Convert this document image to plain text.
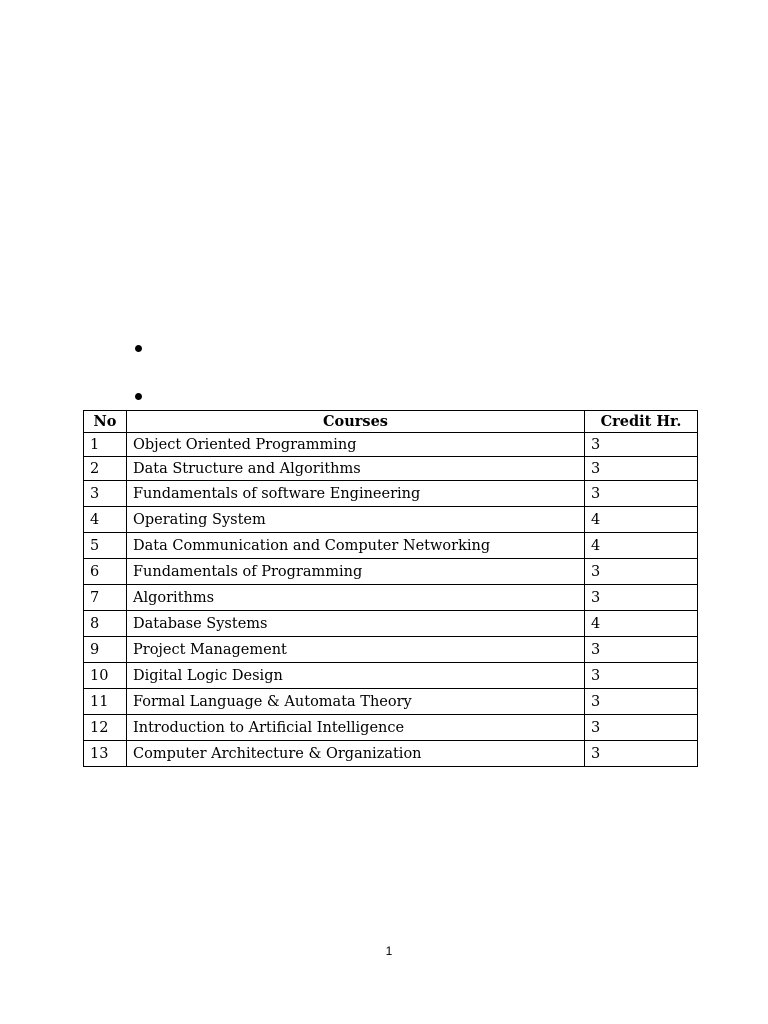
No	Courses	Credit Hr.
1	Object Oriented Programming	3
2	Data Structure and Algorithms	3
3	Fundamentals of software Engineering	3
4	Operating System	4
5	Data Communication and Computer Networking	4
6	Fundamentals of Programming	3
7	Algorithms	3
8	Database Systems	4
9	Project Management	3
10	Digital Logic Design	3
11	Formal Language & Automata Theory	3
12	Introduction to Artificial Intelligence	3
13	Computer Architecture & Organization	3
1
